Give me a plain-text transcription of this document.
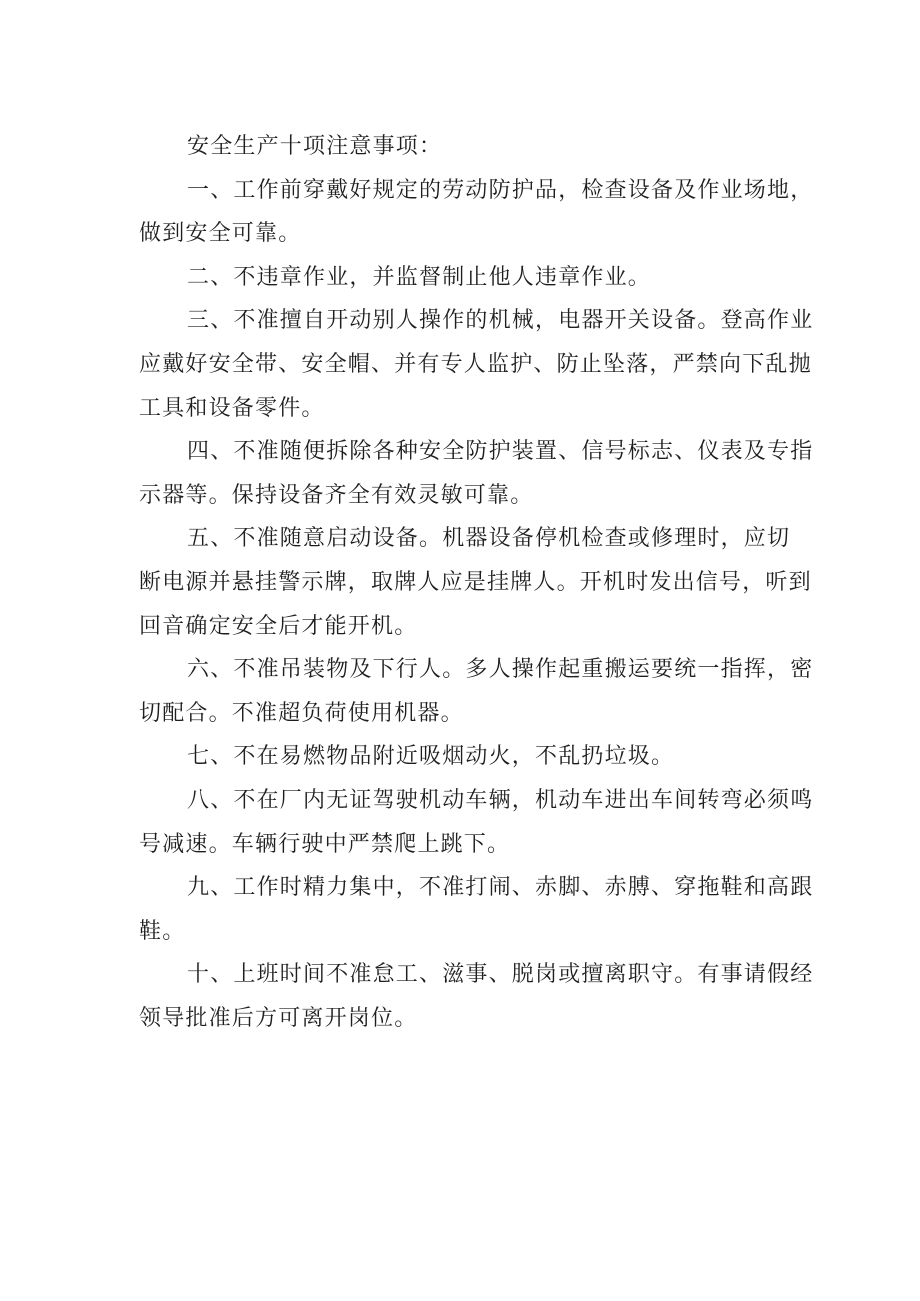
安全生产十项注意事项：
一、工作前穿戴好规定的劳动防护品，检查设备及作业场地，
做到安全可靠。
二、不违章作业，并监督制止他人违章作业。
三、不准擅自开动别人操作的机械，电器开关设备。登高作业
应戴好安全带、安全帽、并有专人监护、防止坠落，严禁向下乱抛
工具和设备零件。
四、不准随便拆除各种安全防护装置、信号标志、仪表及专指
示器等。保持设备齐全有效灵敏可靠。
五、不准随意启动设备。机器设备停机检查或修理时，应切
断电源并悬挂警示牌，取牌人应是挂牌人。开机时发出信号，听到
回音确定安全后才能开机。
六、不准吊装物及下行人。多人操作起重搬运要统一指挥，密
切配合。不准超负荷使用机器。
七、不在易燃物品附近吸烟动火，不乱扔垃圾。
八、不在厂内无证驾驶机动车辆，机动车进出车间转弯必须鸣
号减速。车辆行驶中严禁爬上跳下。
九、工作时精力集中，不准打闹、赤脚、赤膊、穿拖鞋和高跟
鞋。
十、上班时间不准怠工、滋事、脱岗或擅离职守。有事请假经
领导批准后方可离开岗位。
